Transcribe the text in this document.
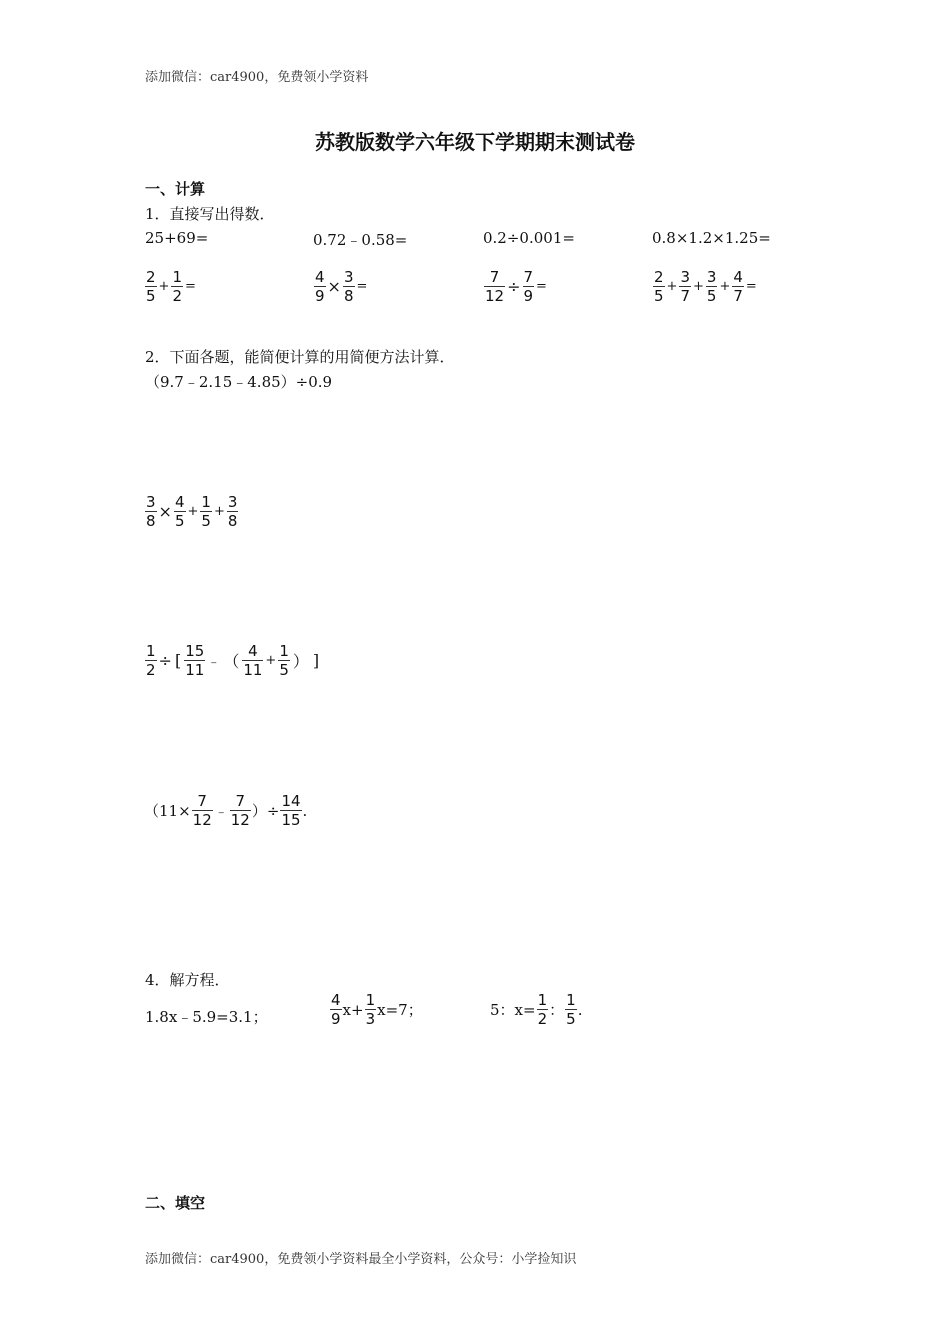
添加微信：car4900，免费领小学资料
苏教版数学六年级下学期期末测试卷
一、计算
1．直接写出得数．
25+69=	0.72﹣0.58=	0.2÷0.001=	0.8×1.2×1.25=
$\frac{2}{5} + \frac{1}{2}$ =	$\frac{4}{9} \times \frac{3}{8}$ =	$\frac{7}{12} \div \frac{7}{9}$ =	$\frac{2}{5} + \frac{3}{7} + \frac{3}{5} + \frac{4}{7}$ =
2．下面各题，能简便计算的用简便方法计算．
（9.7﹣2.15﹣4.85）÷0.9
$\frac{3}{8} \times \frac{4}{5} + \frac{1}{5} + \frac{3}{8}$
$\frac{1}{2}$ ÷ [ $\frac{15}{11}$ ﹣ （ $\frac{4}{11} + \frac{1}{5}$ ） ]
（$11\times \frac{7}{12}$ ﹣ $\frac{7}{12}$ ）÷ $\frac{14}{15}$ .
4．解方程．
1.8x﹣5.9=3.1；	$\frac{4}{9} x+ \frac{1}{3} x=7$；	5：$x= \frac{1}{2}$ ： $\frac{1}{5}$ .
二、填空
添加微信：car4900，免费领小学资料最全小学资料，公众号：小学捡知识
